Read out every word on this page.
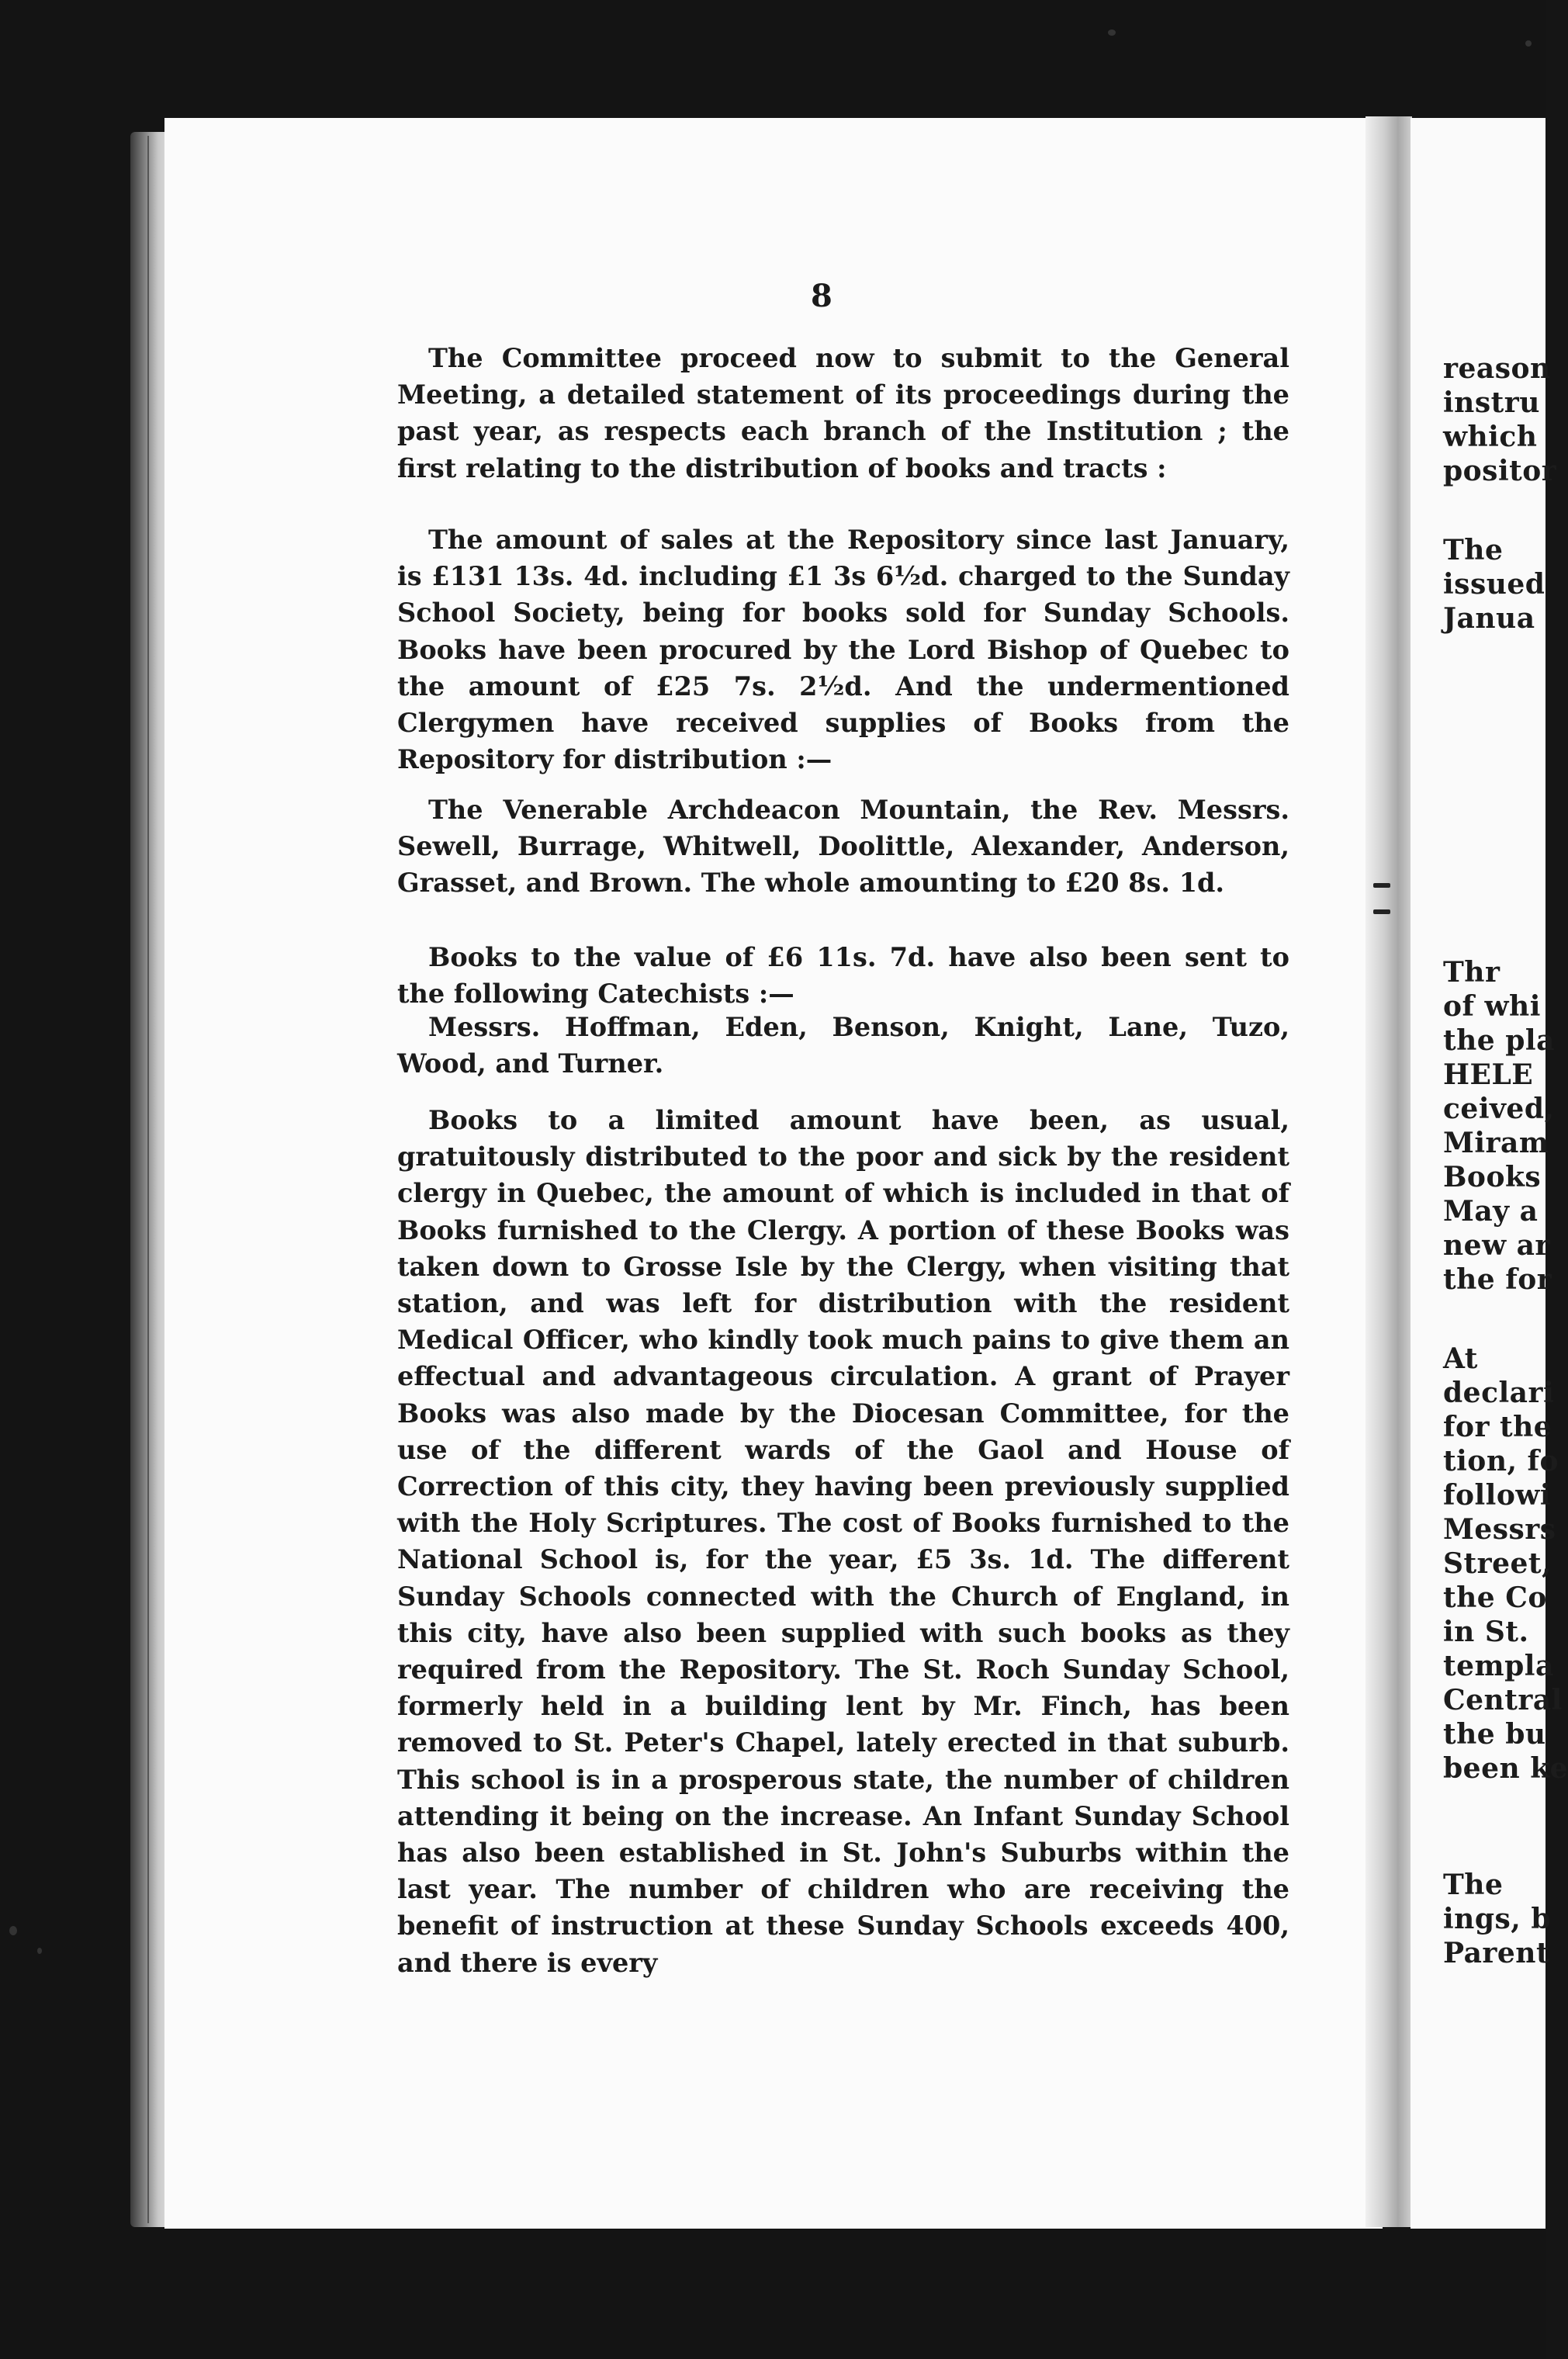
reason
instru
which
positor
The
issued
Janua
Thr
of whi
the pla
HELE
ceived,
Miram
Books
May a
new ar
the for
At
declari
for the
tion, fo
followi
Messrs
Street,
the Co
in St.
templa
Central
the bu
been ke
The
ings, b
Parent
8
The Committee proceed now to submit to the General Meeting, a detailed statement of its proceedings during the past year, as respects each branch of the Institution ; the first relating to the distribution of books and tracts :
The amount of sales at the Repository since last January, is £131 13s. 4d. including £1 3s 6½d. charged to the Sunday School Society, being for books sold for Sunday Schools. Books have been procured by the Lord Bishop of Quebec to the amount of £25 7s. 2½d. And the undermentioned Clergymen have received supplies of Books from the Repository for distribution :—
The Venerable Archdeacon Mountain, the Rev. Messrs. Sewell, Burrage, Whitwell, Doolittle, Alexander, Anderson, Grasset, and Brown. The whole amounting to £20 8s. 1d.
Books to the value of £6 11s. 7d. have also been sent to the following Catechists :—
Messrs. Hoffman, Eden, Benson, Knight, Lane, Tuzo, Wood, and Turner.
Books to a limited amount have been, as usual, gratuitously distributed to the poor and sick by the resident clergy in Quebec, the amount of which is included in that of Books furnished to the Clergy. A portion of these Books was taken down to Grosse Isle by the Clergy, when visiting that station, and was left for distribution with the resident Medical Officer, who kindly took much pains to give them an effectual and advantageous circulation. A grant of Prayer Books was also made by the Diocesan Committee, for the use of the different wards of the Gaol and House of Correction of this city, they having been previously supplied with the Holy Scriptures. The cost of Books furnished to the National School is, for the year, £5 3s. 1d. The different Sunday Schools connected with the Church of England, in this city, have also been supplied with such books as they required from the Repository. The St. Roch Sunday School, formerly held in a building lent by Mr. Finch, has been removed to St. Peter's Chapel, lately erected in that suburb. This school is in a prosperous state, the number of children attending it being on the increase. An Infant Sunday School has also been established in St. John's Suburbs within the last year. The number of children who are receiving the benefit of instruction at these Sunday Schools exceeds 400, and there is every
